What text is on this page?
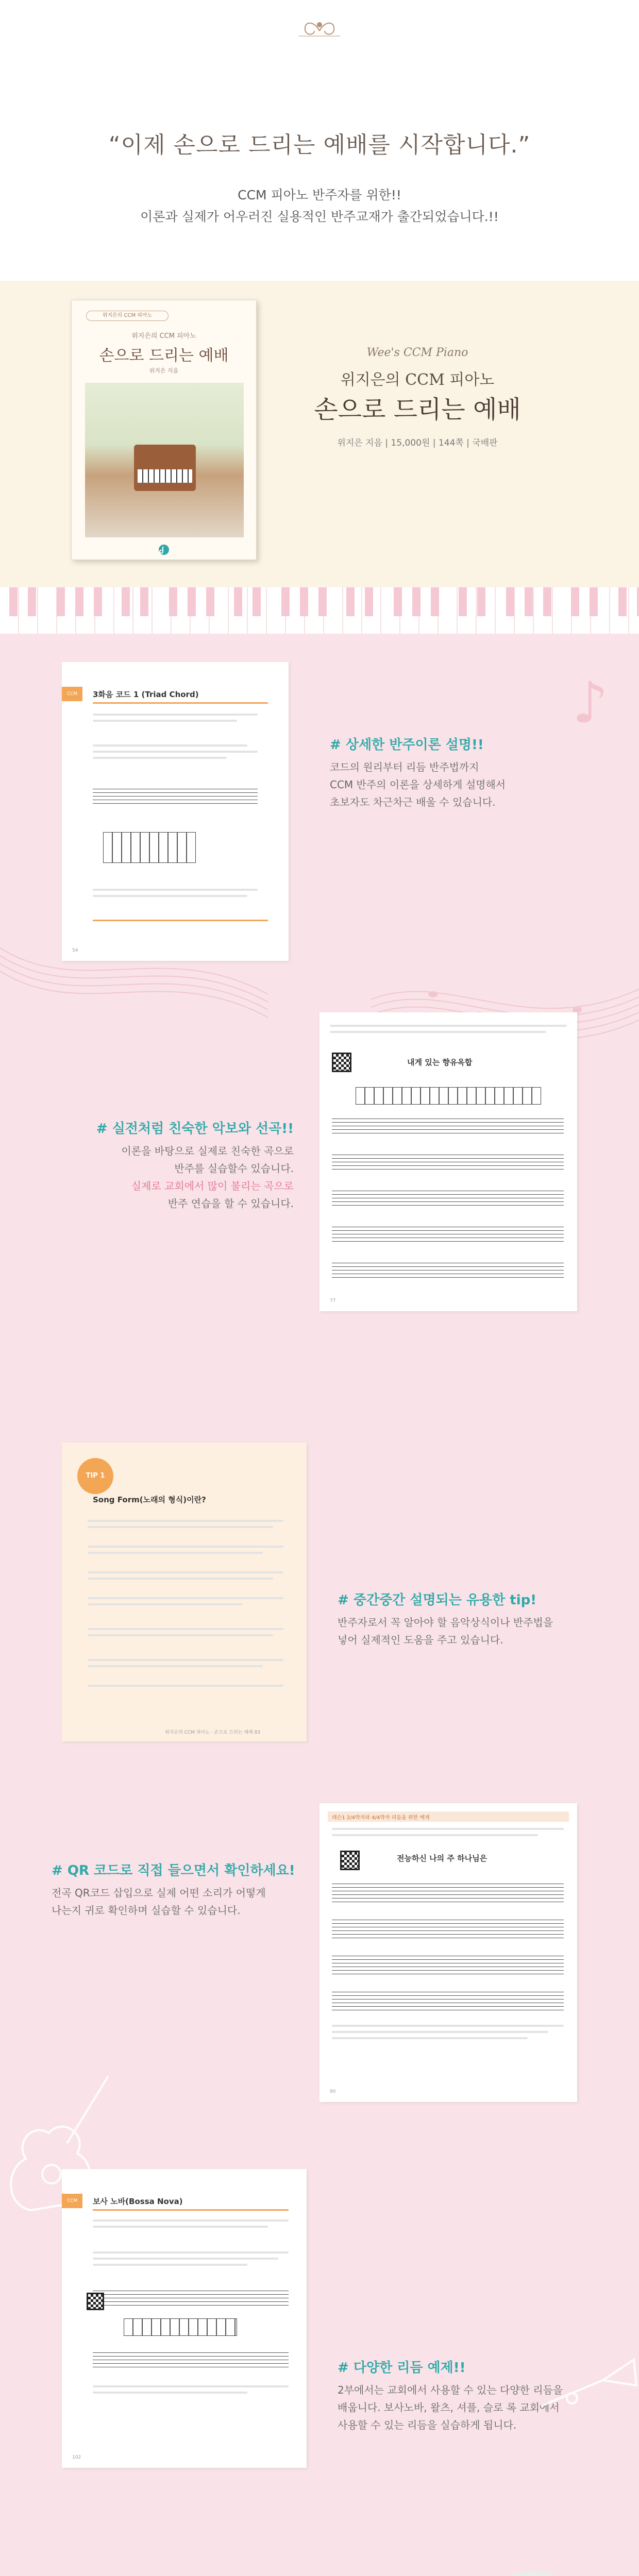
“이제 손으로 드리는 예배를 시작합니다.”
CCM 피아노 반주자를 위한!!
이론과 실제가 어우러진 실용적인 반주교재가 출간되었습니다.!!
위지은의 CCM 피아노
위지은의 CCM 피아노
손으로 드리는 예배
위지은 지음
Wee's CCM Piano
위지은의 CCM 피아노
손으로 드리는 예배
위지은 지음 | 15,000원 | 144쪽 | 국배판
♪
CCM	3화음 코드 1 (Triad Chord)
54
# 상세한 반주이론 설명!!
코드의 원리부터 리듬 반주법까지
CCM 반주의 이론을 상세하게 설명해서
초보자도 차근차근 배울 수 있습니다.
내게 있는 향유옥합
77
# 실전처럼 친숙한 악보와 선곡!!
이론을 바탕으로 실제로 친숙한 곡으로
반주를 실습할수 있습니다.
실제로 교회에서 많이 불리는 곡으로
반주 연습을 할 수 있습니다.
TIP 1
Song Form(노래의 형식)이란?
위지은의 CCM 피아노 · 손으로 드리는 예배 83
# 중간중간 설명되는 유용한 tip!
반주자로서 꼭 알아야 할 음악상식이나 반주법을
넣어 실제적인 도움을 주고 있습니다.
레슨1 2/4박자와 4/4박자 리듬을 위한 예제
전능하신 나의 주 하나님은
90
# QR 코드로 직접 들으면서 확인하세요!
전곡 QR코드 삽입으로 실제 어떤 소리가 어떻게
나는지 귀로 확인하며 실습할 수 있습니다.
CCM	보사 노바(Bossa Nova)
102
# 다양한 리듬 예제!!
2부에서는 교회에서 사용할 수 있는 다양한 리듬을
배웁니다. 보사노바, 왈츠, 셔플, 슬로 록 교회에서
사용할 수 있는 리듬을 실습하게 됩니다.
